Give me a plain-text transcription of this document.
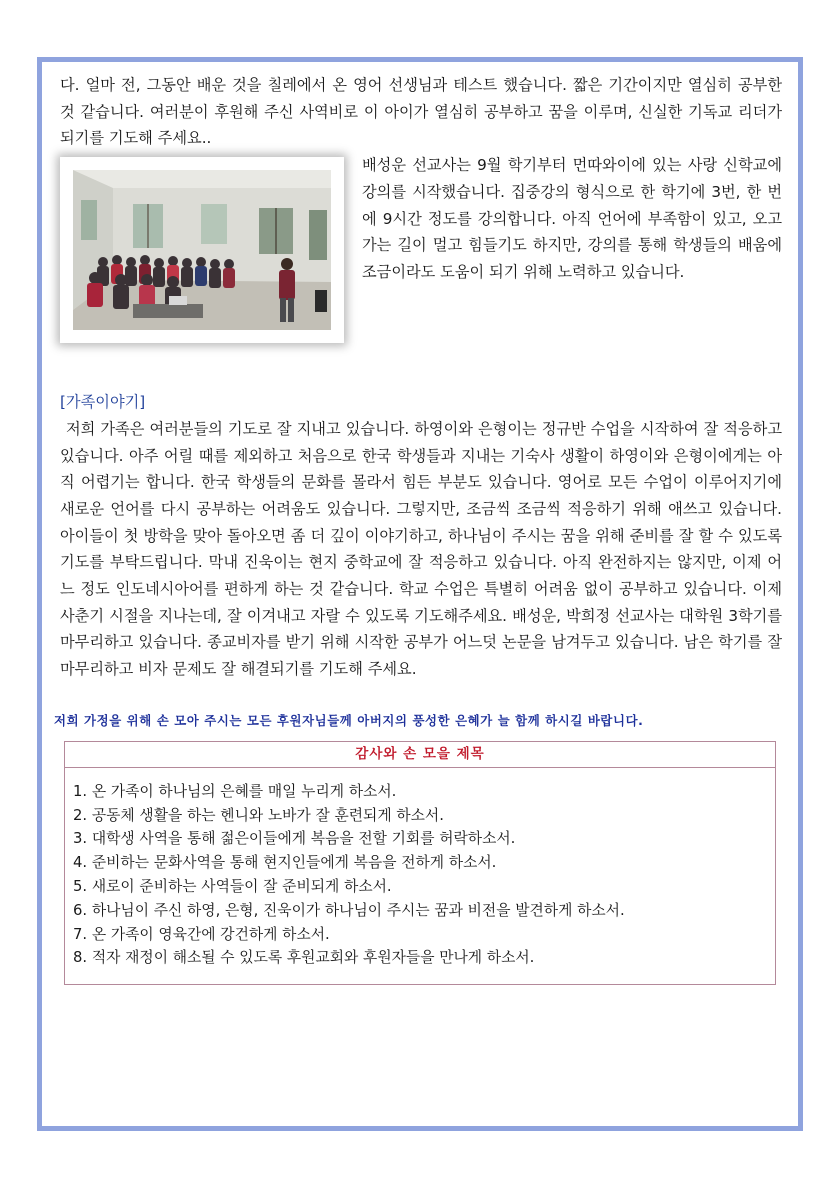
다. 얼마 전, 그동안 배운 것을 칠레에서 온 영어 선생님과 테스트 했습니다. 짧은 기간이지만 열심히 공부한 것 같습니다. 여러분이 후원해 주신 사역비로 이 아이가 열심히 공부하고 꿈을 이루며, 신실한 기독교 리더가 되기를 기도해 주세요..

배성운 선교사는 9월 학기부터 먼따와이에 있는 사랑 신학교에 강의를 시작했습니다. 집중강의 형식으로 한 학기에 3번, 한 번에 9시간 정도를 강의합니다. 아직 언어에 부족함이 있고, 오고 가는 길이 멀고 힘들기도 하지만, 강의를 통해 학생들의 배움에 조금이라도 도움이 되기 위해 노력하고 있습니다.

[가족이야기]

저희 가족은 여러분들의 기도로 잘 지내고 있습니다. 하영이와 은형이는 정규반 수업을 시작하여 잘 적응하고 있습니다. 아주 어릴 때를 제외하고 처음으로 한국 학생들과 지내는 기숙사 생활이 하영이와 은형이에게는 아직 어렵기는 합니다. 한국 학생들의 문화를 몰라서 힘든 부분도 있습니다. 영어로 모든 수업이 이루어지기에 새로운 언어를 다시 공부하는 어려움도 있습니다. 그렇지만, 조금씩 조금씩 적응하기 위해 애쓰고 있습니다. 아이들이 첫 방학을 맞아 돌아오면 좀 더 깊이 이야기하고, 하나님이 주시는 꿈을 위해 준비를 잘 할 수 있도록 기도를 부탁드립니다. 막내 진욱이는 현지 중학교에 잘 적응하고 있습니다. 아직 완전하지는 않지만, 이제 어느 정도 인도네시아어를 편하게 하는 것 같습니다. 학교 수업은 특별히 어려움 없이 공부하고 있습니다. 이제 사춘기 시절을 지나는데, 잘 이겨내고 자랄 수 있도록 기도해주세요. 배성운, 박희정 선교사는 대학원 3학기를 마무리하고 있습니다. 종교비자를 받기 위해 시작한 공부가 어느덧 논문을 남겨두고 있습니다. 남은 학기를 잘 마무리하고 비자 문제도 잘 해결되기를 기도해 주세요.

저희 가정을 위해 손 모아 주시는 모든 후원자님들께 아버지의 풍성한 은혜가 늘 함께 하시길 바랍니다.
감사와 손 모을 제목
1. 온 가족이 하나님의 은혜를 매일 누리게 하소서.
2. 공동체 생활을 하는 헨니와 노바가 잘 훈련되게 하소서.
3. 대학생 사역을 통해 젊은이들에게 복음을 전할 기회를 허락하소서.
4. 준비하는 문화사역을 통해 현지인들에게 복음을 전하게 하소서.
5. 새로이 준비하는 사역들이 잘 준비되게 하소서.
6. 하나님이 주신 하영, 은형, 진욱이가 하나님이 주시는 꿈과 비전을 발견하게 하소서.
7. 온 가족이 영육간에 강건하게 하소서.
8. 적자 재정이 해소될 수 있도록 후원교회와 후원자들을 만나게 하소서.
